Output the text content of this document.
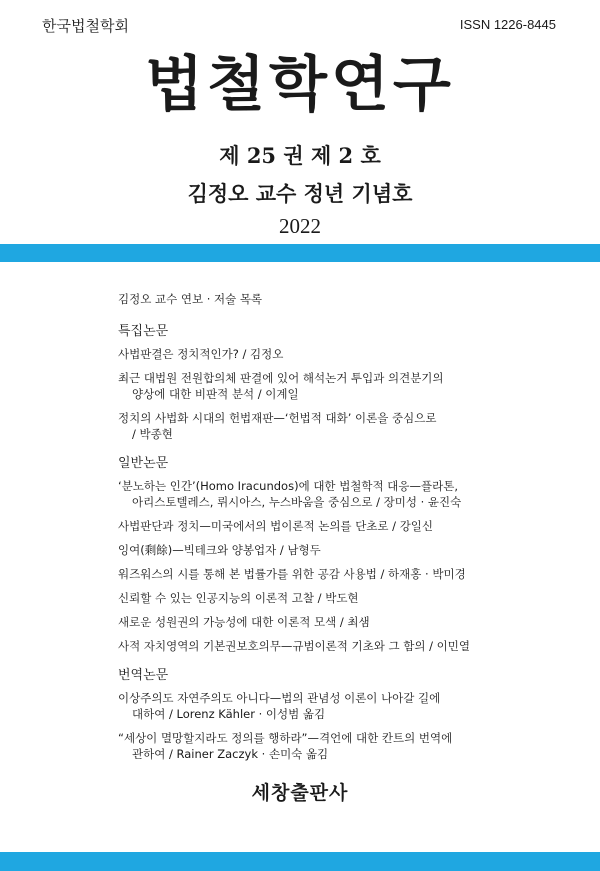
한국법철학회	ISSN 1226-8445
법철학연구
제 25 권 제 2 호
김정오 교수 정년 기념호
2022
김정오 교수 연보 · 저술 목록
특집논문
사법판결은 정치적인가? / 김정오
최근 대법원 전원합의체 판결에 있어 해석논거 투입과 의견분기의
양상에 대한 비판적 분석 / 이계일
정치의 사법화 시대의 헌법재판—‘헌법적 대화’ 이론을 중심으로
/ 박종현
일반논문
‘분노하는 인간’(Homo Iracundos)에 대한 법철학적 대응—플라톤,
아리스토텔레스, 뤼시아스, 누스바움을 중심으로 / 장미성 · 윤진숙
사법판단과 정치—미국에서의 법이론적 논의를 단초로 / 강일신
잉여(剩餘)—빅테크와 양봉업자 / 남형두
워즈워스의 시를 통해 본 법률가를 위한 공감 사용법 / 하재홍 · 박미경
신뢰할 수 있는 인공지능의 이론적 고찰 / 박도현
새로운 성원권의 가능성에 대한 이론적 모색 / 최샘
사적 자치영역의 기본권보호의무—규범이론적 기초와 그 함의 / 이민열
번역논문
이상주의도 자연주의도 아니다—법의 관념성 이론이 나아갈 길에
대하여 / Lorenz Kähler · 이성범 옮김
“세상이 멸망할지라도 정의를 행하라”—격언에 대한 칸트의 번역에
관하여 / Rainer Zaczyk · 손미숙 옮김
세창출판사
